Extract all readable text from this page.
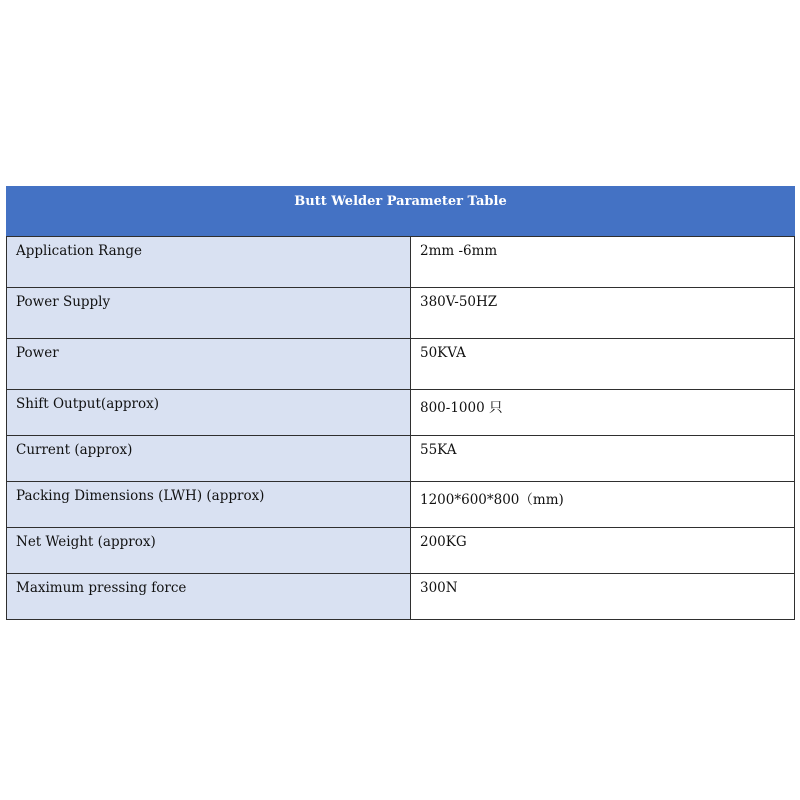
Butt Welder Parameter Table	
Application Range	2mm -6mm
Power Supply	380V-50HZ
Power	50KVA
Shift Output(approx)	800-1000 只
Current (approx)	55KA
Packing Dimensions (LWH) (approx)	1200*600*800（mm)
Net Weight (approx)	200KG
Maximum pressing force	300N
